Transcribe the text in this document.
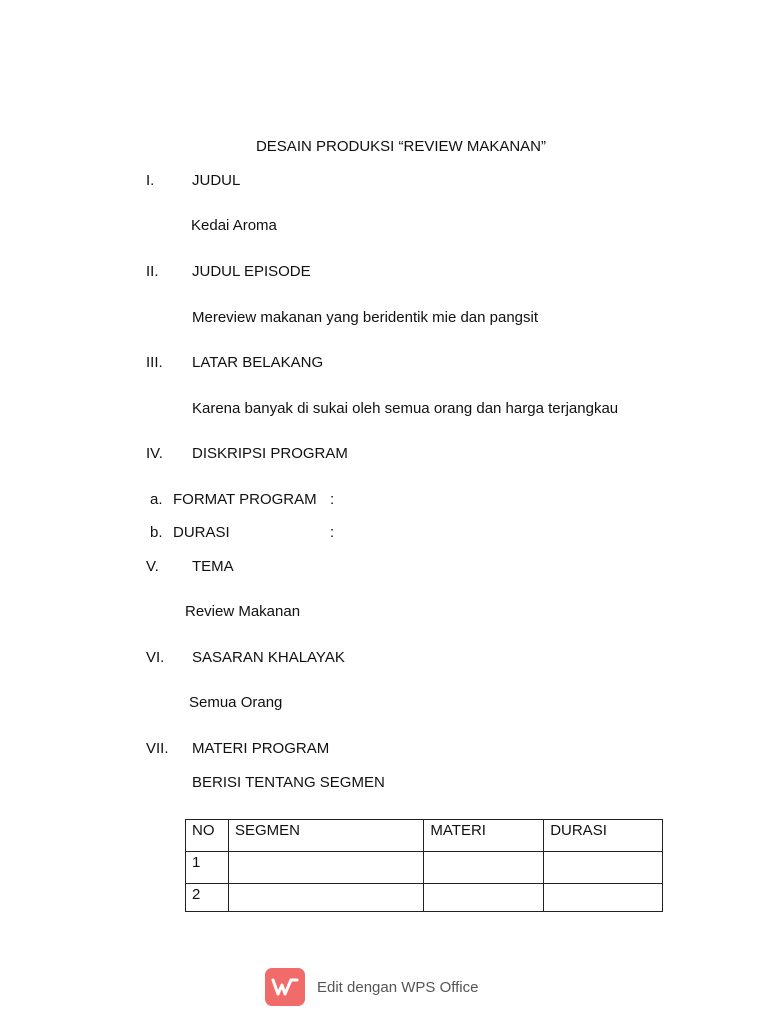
DESAIN PRODUKSI “REVIEW MAKANAN”
I.	JUDUL
Kedai Aroma
II. JUDUL EPISODE
Mereview makanan yang beridentik mie dan pangsit
III. LATAR BELAKANG
Karena banyak di sukai oleh semua orang dan harga terjangkau
IV. DISKRIPSI PROGRAM
a. FORMAT PROGRAM :
b. DURASI	:
V. TEMA
Review Makanan
VI. SASARAN KHALAYAK
Semua Orang
VII. MATERI PROGRAM
BERISI TENTANG SEGMEN
NO	SEGMEN	MATERI	DURASI
1			
2			
Edit dengan WPS Office
